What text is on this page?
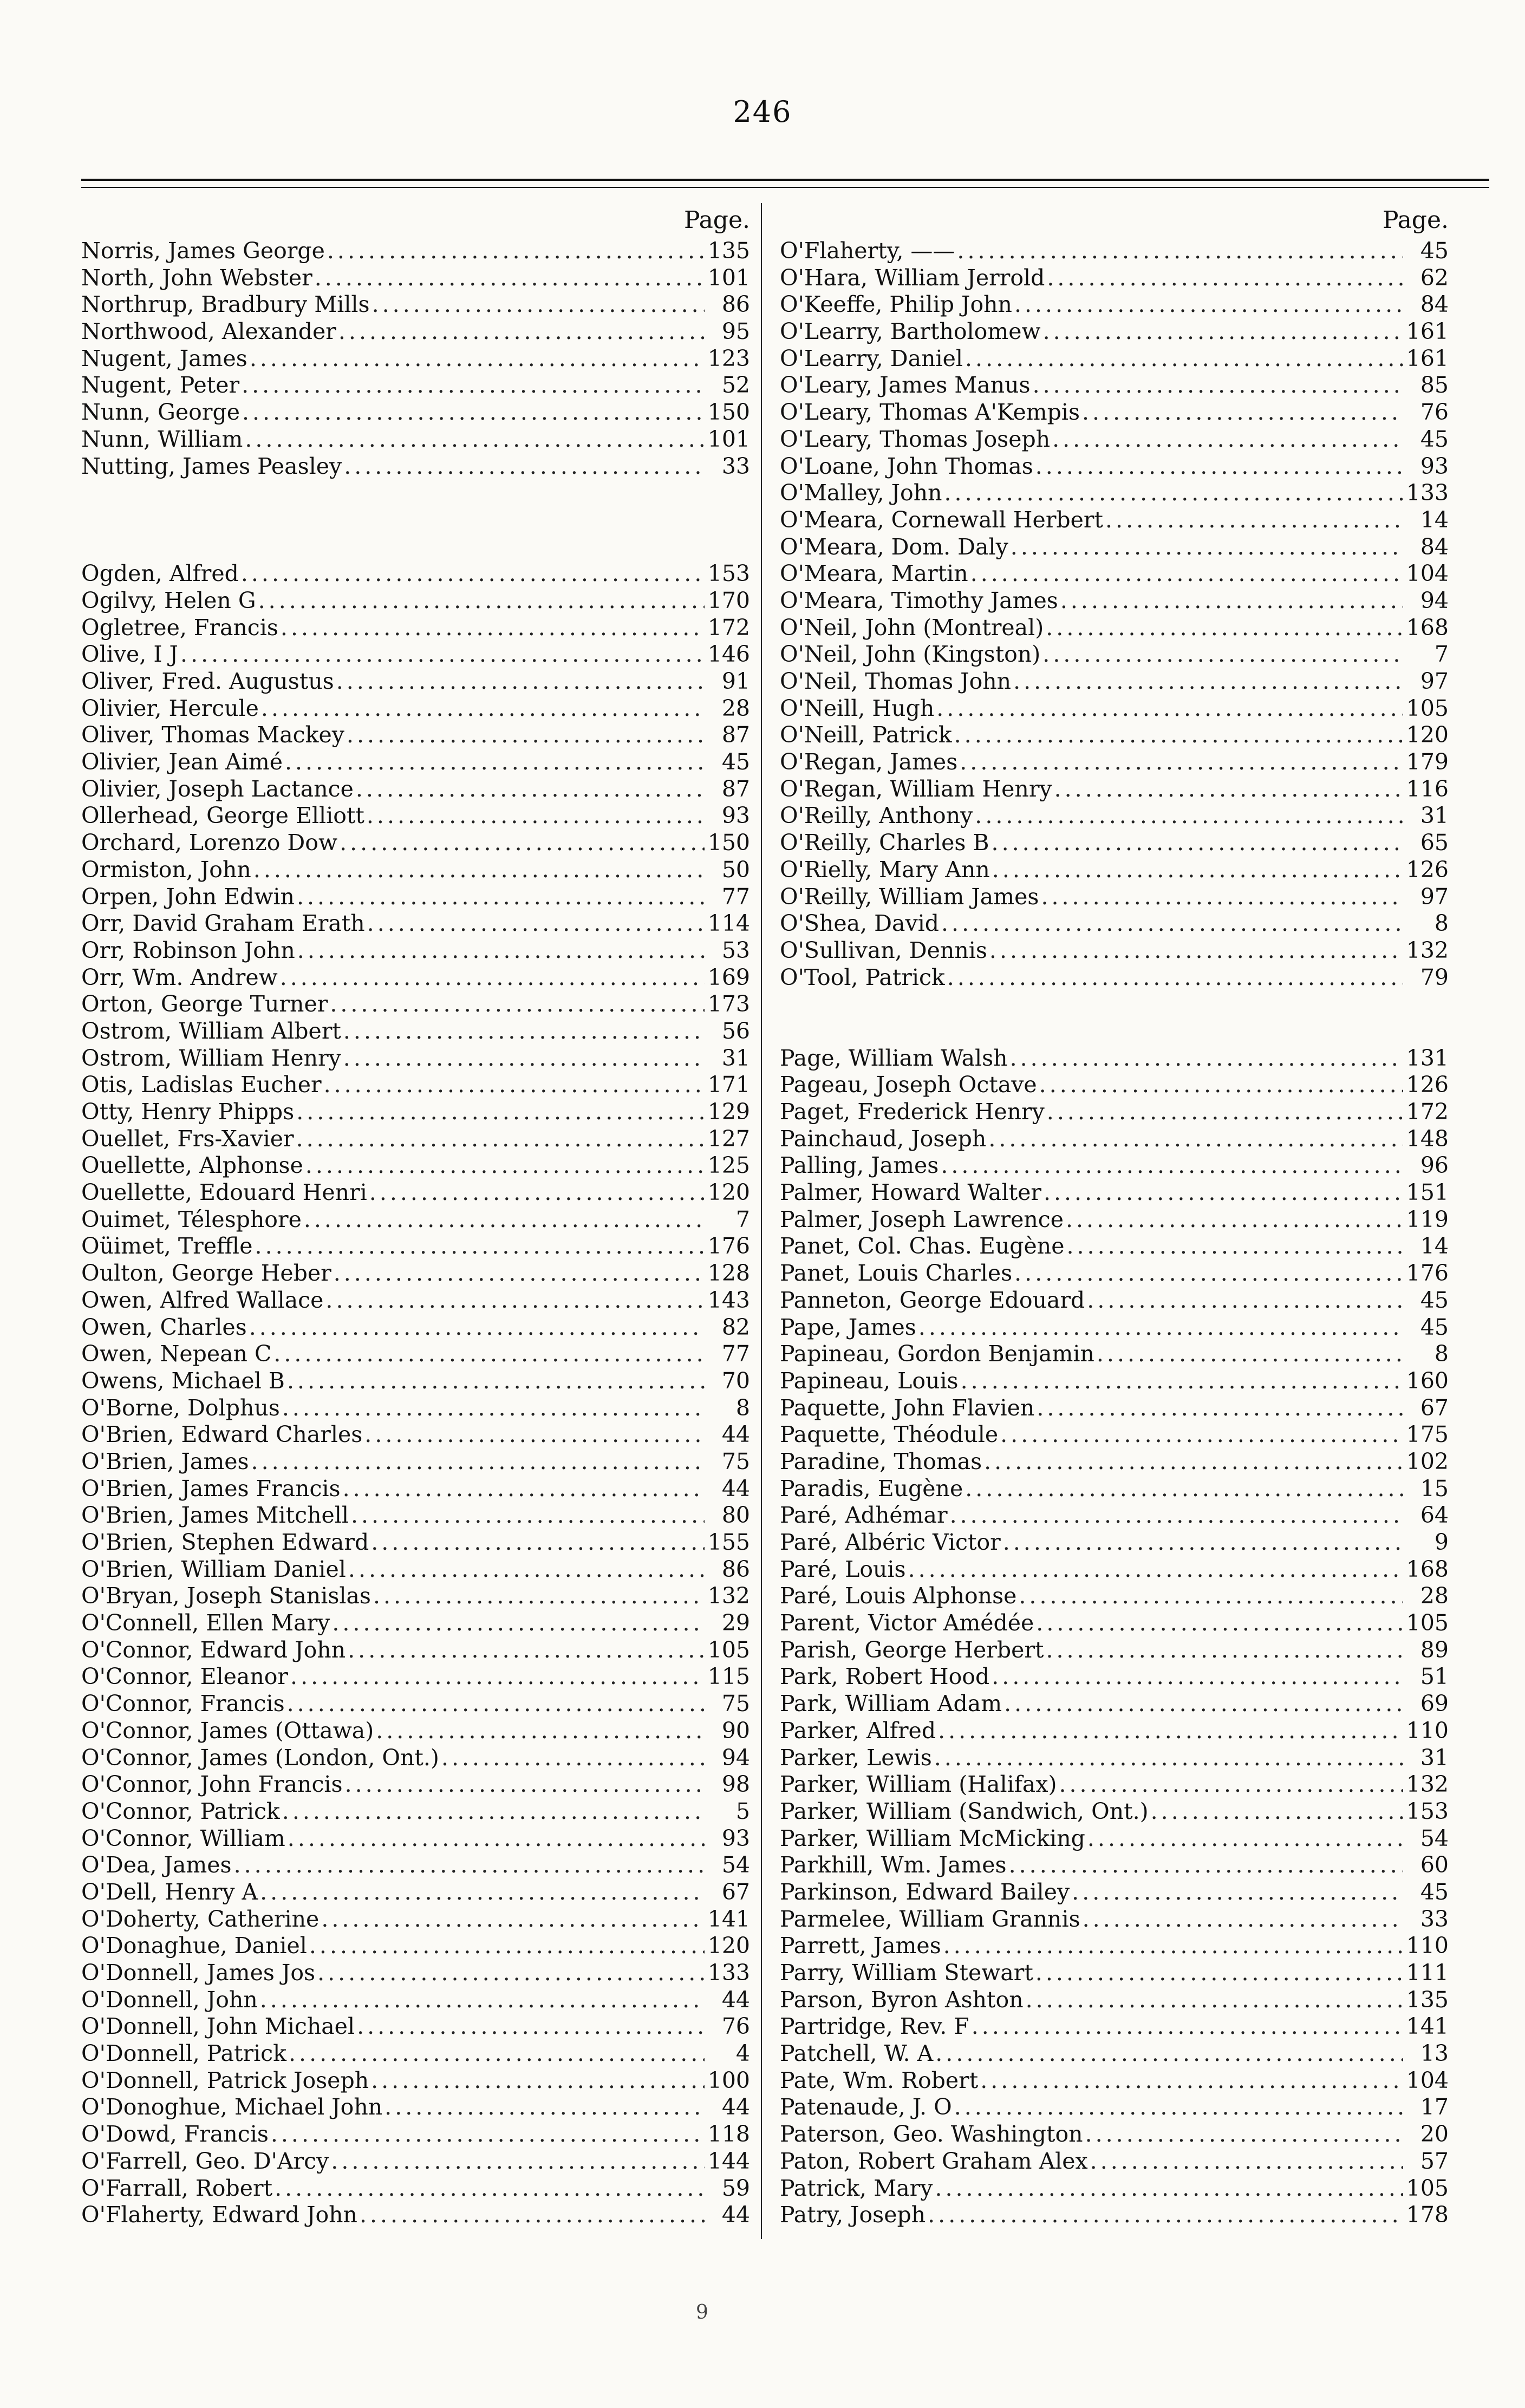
246
Page.
Norris, James George .....	135
North, John Webster .....	101
Northrup, Bradbury Mills .....	86
Northwood, Alexander .....	95
Nugent, James .....	123
Nugent, Peter .....	52
Nunn, George .....	150
Nunn, William .....	101
Nutting, James Peasley .....	33
Ogden, Alfred .....	153
Ogilvy, Helen G .....	170
Ogletree, Francis .....	172
Olive, I J .....	146
Oliver, Fred. Augustus .....	91
Olivier, Hercule .....	28
Oliver, Thomas Mackey .....	87
Olivier, Jean Aimé .....	45
Olivier, Joseph Lactance .....	87
Ollerhead, George Elliott .....	93
Orchard, Lorenzo Dow .....	150
Ormiston, John .....	50
Orpen, John Edwin .....	77
Orr, David Graham Erath .....	114
Orr, Robinson John .....	53
Orr, Wm. Andrew .....	169
Orton, George Turner .....	173
Ostrom, William Albert .....	56
Ostrom, William Henry .....	31
Otis, Ladislas Eucher .....	171
Otty, Henry Phipps .....	129
Ouellet, Frs-Xavier .....	127
Ouellette, Alphonse .....	125
Ouellette, Edouard Henri .....	120
Ouimet, Télesphore .....	7
Oüimet, Treffle .....	176
Oulton, George Heber .....	128
Owen, Alfred Wallace .....	143
Owen, Charles .....	82
Owen, Nepean C .....	77
Owens, Michael B .....	70
O'Borne, Dolphus .....	8
O'Brien, Edward Charles .....	44
O'Brien, James .....	75
O'Brien, James Francis .....	44
O'Brien, James Mitchell .....	80
O'Brien, Stephen Edward .....	155
O'Brien, William Daniel .....	86
O'Bryan, Joseph Stanislas .....	132
O'Connell, Ellen Mary .....	29
O'Connor, Edward John .....	105
O'Connor, Eleanor .....	115
O'Connor, Francis .....	75
O'Connor, James (Ottawa) .....	90
O'Connor, James (London, Ont.) .....	94
O'Connor, John Francis .....	98
O'Connor, Patrick .....	5
O'Connor, William .....	93
O'Dea, James .....	54
O'Dell, Henry A .....	67
O'Doherty, Catherine .....	141
O'Donaghue, Daniel .....	120
O'Donnell, James Jos .....	133
O'Donnell, John .....	44
O'Donnell, John Michael .....	76
O'Donnell, Patrick .....	4
O'Donnell, Patrick Joseph .....	100
O'Donoghue, Michael John .....	44
O'Dowd, Francis .....	118
O'Farrell, Geo. D'Arcy .....	144
O'Farrall, Robert .....	59
O'Flaherty, Edward John .....	44
Page.
O'Flaherty, —— .....	45
O'Hara, William Jerrold .....	62
O'Keeffe, Philip John .....	84
O'Learry, Bartholomew .....	161
O'Learry, Daniel .....	161
O'Leary, James Manus .....	85
O'Leary, Thomas A'Kempis .....	76
O'Leary, Thomas Joseph .....	45
O'Loane, John Thomas .....	93
O'Malley, John .....	133
O'Meara, Cornewall Herbert .....	14
O'Meara, Dom. Daly .....	84
O'Meara, Martin .....	104
O'Meara, Timothy James .....	94
O'Neil, John (Montreal) .....	168
O'Neil, John (Kingston) .....	7
O'Neil, Thomas John .....	97
O'Neill, Hugh .....	105
O'Neill, Patrick .....	120
O'Regan, James .....	179
O'Regan, William Henry .....	116
O'Reilly, Anthony .....	31
O'Reilly, Charles B .....	65
O'Rielly, Mary Ann .....	126
O'Reilly, William James .....	97
O'Shea, David .....	8
O'Sullivan, Dennis .....	132
O'Tool, Patrick .....	79
Page, William Walsh .....	131
Pageau, Joseph Octave .....	126
Paget, Frederick Henry .....	172
Painchaud, Joseph .....	148
Palling, James .....	96
Palmer, Howard Walter .....	151
Palmer, Joseph Lawrence .....	119
Panet, Col. Chas. Eugène .....	14
Panet, Louis Charles .....	176
Panneton, George Edouard .....	45
Pape, James .....	45
Papineau, Gordon Benjamin .....	8
Papineau, Louis .....	160
Paquette, John Flavien .....	67
Paquette, Théodule .....	175
Paradine, Thomas .....	102
Paradis, Eugène .....	15
Paré, Adhémar .....	64
Paré, Albéric Victor .....	9
Paré, Louis .....	168
Paré, Louis Alphonse .....	28
Parent, Victor Amédée .....	105
Parish, George Herbert .....	89
Park, Robert Hood .....	51
Park, William Adam .....	69
Parker, Alfred .....	110
Parker, Lewis .....	31
Parker, William (Halifax) .....	132
Parker, William (Sandwich, Ont.) .....	153
Parker, William McMicking .....	54
Parkhill, Wm. James .....	60
Parkinson, Edward Bailey .....	45
Parmelee, William Grannis .....	33
Parrett, James .....	110
Parry, William Stewart .....	111
Parson, Byron Ashton .....	135
Partridge, Rev. F .....	141
Patchell, W. A .....	13
Pate, Wm. Robert .....	104
Patenaude, J. O .....	17
Paterson, Geo. Washington .....	20
Paton, Robert Graham Alex .....	57
Patrick, Mary .....	105
Patry, Joseph .....	178
9
